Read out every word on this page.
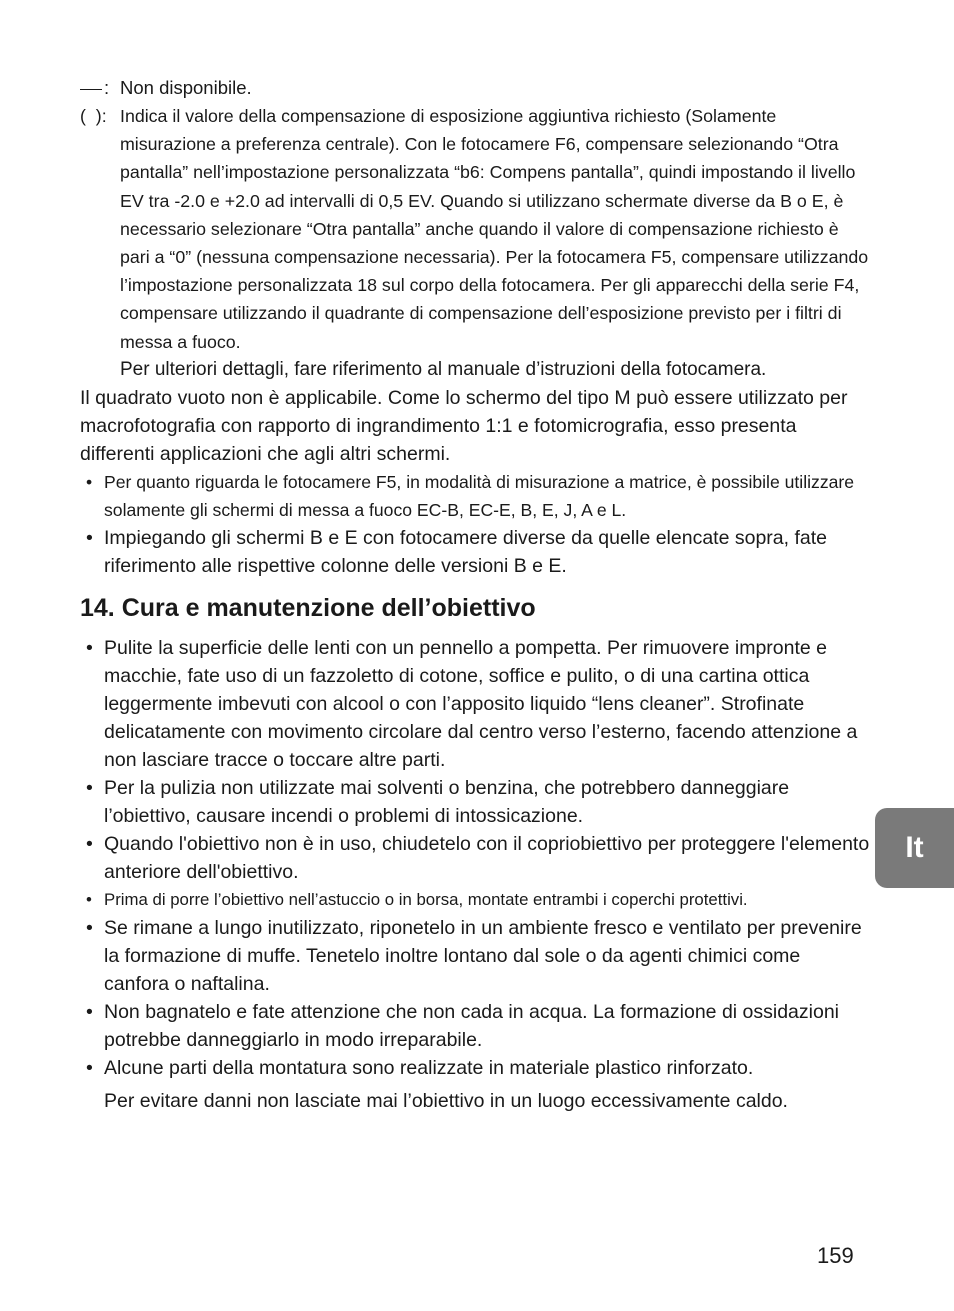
: Non disponibile.
(  ): Indica il valore della compensazione di esposizione aggiuntiva richiesto (Solamente misurazione a preferenza centrale). Con le fotocamere F6, compensare selezionando “Otra pantalla” nell’impostazione personalizzata “b6: Compens pantalla”, quindi impostando il livello EV tra -2.0 e +2.0 ad intervalli di 0,5 EV. Quando si utilizzano schermate diverse da B o E, è necessario selezionare “Otra pantalla” anche quando il valore di compensazione richiesto è pari a “0” (nessuna compensazione necessaria). Per la fotocamera F5, compensare utilizzando l’impostazione personalizzata 18 sul corpo della fotocamera. Per gli apparecchi della serie F4, compensare utilizzando il quadrante di compensazione dell’esposizione previsto per i filtri di messa a fuoco.
Per ulteriori dettagli, fare riferimento al manuale d’istruzioni della fotocamera.

Il quadrato vuoto non è applicabile. Come lo schermo del tipo M può essere utilizzato per macrofotografia con rapporto di ingrandimento 1:1 e fotomicrografia, esso presenta differenti applicazioni che agli altri schermi.

• Per quanto riguarda le fotocamere F5, in modalità di misurazione a matrice, è possibile utilizzare solamente gli schermi di messa a fuoco EC-B, EC-E, B, E, J, A e L.
• Impiegando gli schermi B e E con fotocamere diverse da quelle elencate sopra, fate riferimento alle rispettive colonne delle versioni B e E.
14. Cura e manutenzione dell’obiettivo
• Pulite la superficie delle lenti con un pennello a pompetta. Per rimuovere impronte e macchie, fate uso di un fazzoletto di cotone, soffice e pulito, o di una cartina ottica leggermente imbevuti con alcool o con l’apposito liquido “lens cleaner”. Strofinate delicatamente con movimento circolare dal centro verso l’esterno, facendo attenzione a non lasciare tracce o toccare altre parti.
• Per la pulizia non utilizzate mai solventi o benzina, che potrebbero danneggiare l’obiettivo, causare incendi o problemi di intossicazione.
• Quando l'obiettivo non è in uso, chiudetelo con il copriobiettivo per proteggere l'elemento anteriore dell'obiettivo.
• Prima di porre l’obiettivo nell’astuccio o in borsa, montate entrambi i coperchi protettivi.
• Se rimane a lungo inutilizzato, riponetelo in un ambiente fresco e ventilato per prevenire la formazione di muffe. Tenetelo inoltre lontano dal sole o da agenti chimici come canfora o naftalina.
• Non bagnatelo e fate attenzione che non cada in acqua. La formazione di ossidazioni potrebbe danneggiarlo in modo irreparabile.
• Alcune parti della montatura sono realizzate in materiale plastico rinforzato.
Per evitare danni non lasciate mai l’obiettivo in un luogo eccessivamente caldo.
It
159
